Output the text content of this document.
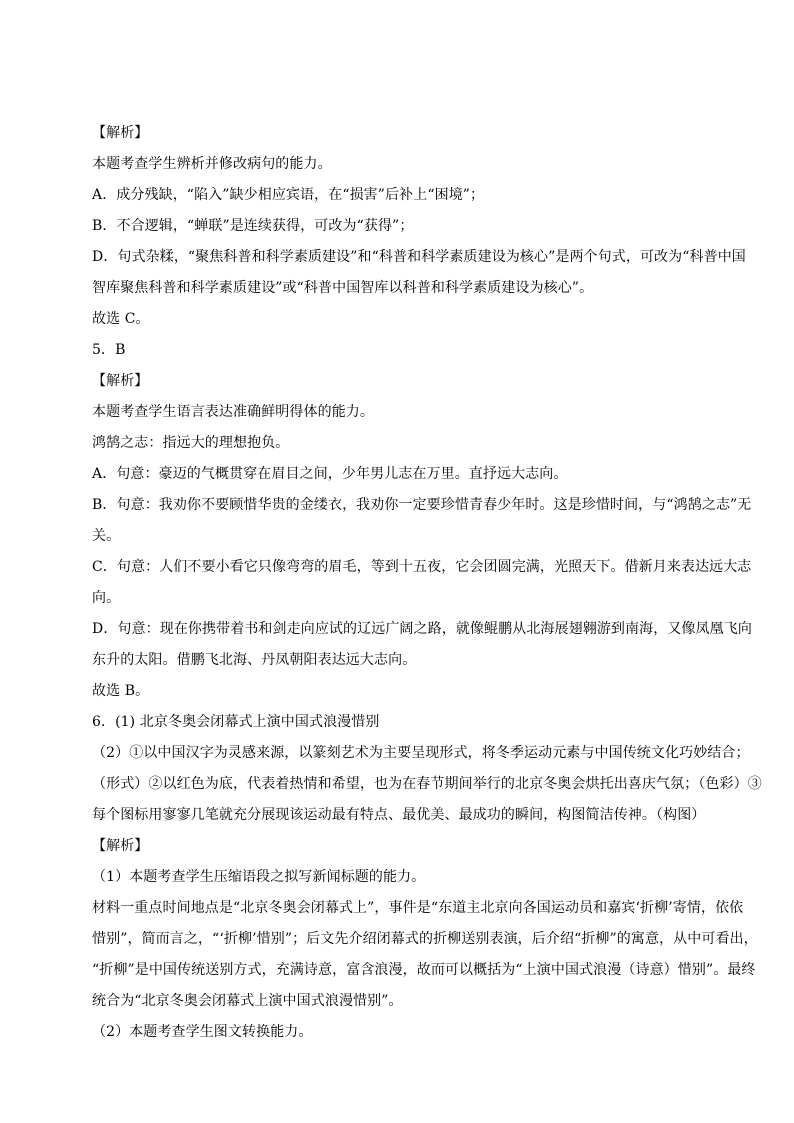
【解析】
本题考查学生辨析并修改病句的能力。
A．成分残缺，“陷入”缺少相应宾语，在“损害”后补上“困境”；
B．不合逻辑，“蝉联”是连续获得，可改为“获得”；
D．句式杂糅，“聚焦科普和科学素质建设”和“科普和科学素质建设为核心”是两个句式，可改为“科普中国
智库聚焦科普和科学素质建设”或“科普中国智库以科普和科学素质建设为核心”。
故选 C。
5．B
【解析】
本题考查学生语言表达准确鲜明得体的能力。
鸿鹄之志：指远大的理想抱负。
A．句意：豪迈的气概贯穿在眉目之间，少年男儿志在万里。直抒远大志向。
B．句意：我劝你不要顾惜华贵的金缕衣，我劝你一定要珍惜青春少年时。这是珍惜时间，与“鸿鹄之志”无
关。
C．句意：人们不要小看它只像弯弯的眉毛，等到十五夜，它会团圆完满，光照天下。借新月来表达远大志
向。
D．句意：现在你携带着书和剑走向应试的辽远广阔之路，就像鲲鹏从北海展翅翱游到南海，又像凤凰飞向
东升的太阳。借鹏飞北海、丹凤朝阳表达远大志向。
故选 B。
6．(1) 北京冬奥会闭幕式上演中国式浪漫惜别
（2）①以中国汉字为灵感来源，以篆刻艺术为主要呈现形式，将冬季运动元素与中国传统文化巧妙结合；
（形式）②以红色为底，代表着热情和希望，也为在春节期间举行的北京冬奥会烘托出喜庆气氛；（色彩）③
每个图标用寥寥几笔就充分展现该运动最有特点、最优美、最成功的瞬间，构图简洁传神。（构图）
【解析】
（1）本题考查学生压缩语段之拟写新闻标题的能力。
材料一重点时间地点是“北京冬奥会闭幕式上”，事件是“东道主北京向各国运动员和嘉宾‘折柳’寄情，依依
惜别”，简而言之，“‘折柳’惜别”；后文先介绍闭幕式的折柳送别表演，后介绍“折柳”的寓意，从中可看出，
“折柳”是中国传统送别方式，充满诗意，富含浪漫，故而可以概括为“上演中国式浪漫（诗意）惜别”。最终
统合为“北京冬奥会闭幕式上演中国式浪漫惜别”。
（2）本题考查学生图文转换能力。
